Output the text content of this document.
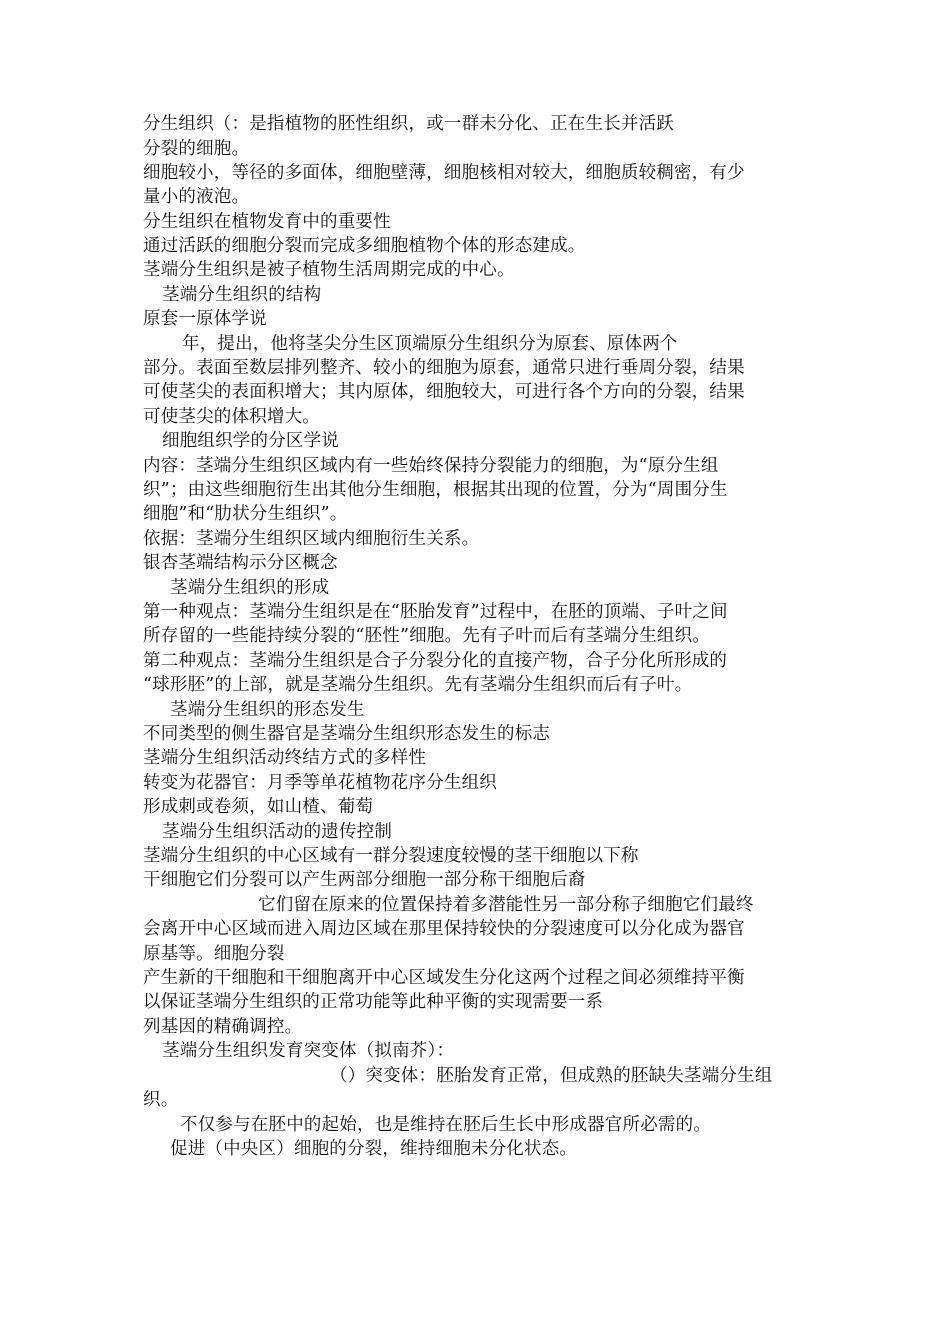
分生组织（：是指植物的胚性组织，或一群未分化、正在生长并活跃
分裂的细胞。
细胞较小，等径的多面体，细胞壁薄，细胞核相对较大，细胞质较稠密，有少
量小的液泡。
分生组织在植物发育中的重要性
通过活跃的细胞分裂而完成多细胞植物个体的形态建成。
茎端分生组织是被子植物生活周期完成的中心。
茎端分生组织的结构
原套一原体学说
年，提出，他将茎尖分生区顶端原分生组织分为原套、原体两个
部分。表面至数层排列整齐、较小的细胞为原套，通常只进行垂周分裂，结果
可使茎尖的表面积增大；其内原体，细胞较大，可进行各个方向的分裂，结果
可使茎尖的体积增大。
细胞组织学的分区学说
内容：茎端分生组织区域内有一些始终保持分裂能力的细胞，为“原分生组
织”；由这些细胞衍生出其他分生细胞，根据其出现的位置，分为“周围分生
细胞”和“肋状分生组织”。
依据：茎端分生组织区域内细胞衍生关系。
银杏茎端结构示分区概念
茎端分生组织的形成
第一种观点：茎端分生组织是在“胚胎发育”过程中，在胚的顶端、子叶之间
所存留的一些能持续分裂的“胚性”细胞。先有子叶而后有茎端分生组织。
第二种观点：茎端分生组织是合子分裂分化的直接产物，合子分化所形成的
“球形胚”的上部，就是茎端分生组织。先有茎端分生组织而后有子叶。
茎端分生组织的形态发生
不同类型的侧生器官是茎端分生组织形态发生的标志
茎端分生组织活动终结方式的多样性
转变为花器官：月季等单花植物花序分生组织
形成刺或卷须，如山楂、葡萄
茎端分生组织活动的遗传控制
茎端分生组织的中心区域有一群分裂速度较慢的茎干细胞以下称
干细胞它们分裂可以产生两部分细胞一部分称干细胞后裔
它们留在原来的位置保持着多潜能性另一部分称子细胞它们最终
会离开中心区域而进入周边区域在那里保持较快的分裂速度可以分化成为器官
原基等。细胞分裂
产生新的干细胞和干细胞离开中心区域发生分化这两个过程之间必须维持平衡
以保证茎端分生组织的正常功能等此种平衡的实现需要一系
列基因的精确调控。
茎端分生组织发育突变体（拟南芥）：
（）突变体：胚胎发育正常，但成熟的胚缺失茎端分生组
织。
不仅参与在胚中的起始，也是维持在胚后生长中形成器官所必需的。
促进（中央区）细胞的分裂，维持细胞未分化状态。
